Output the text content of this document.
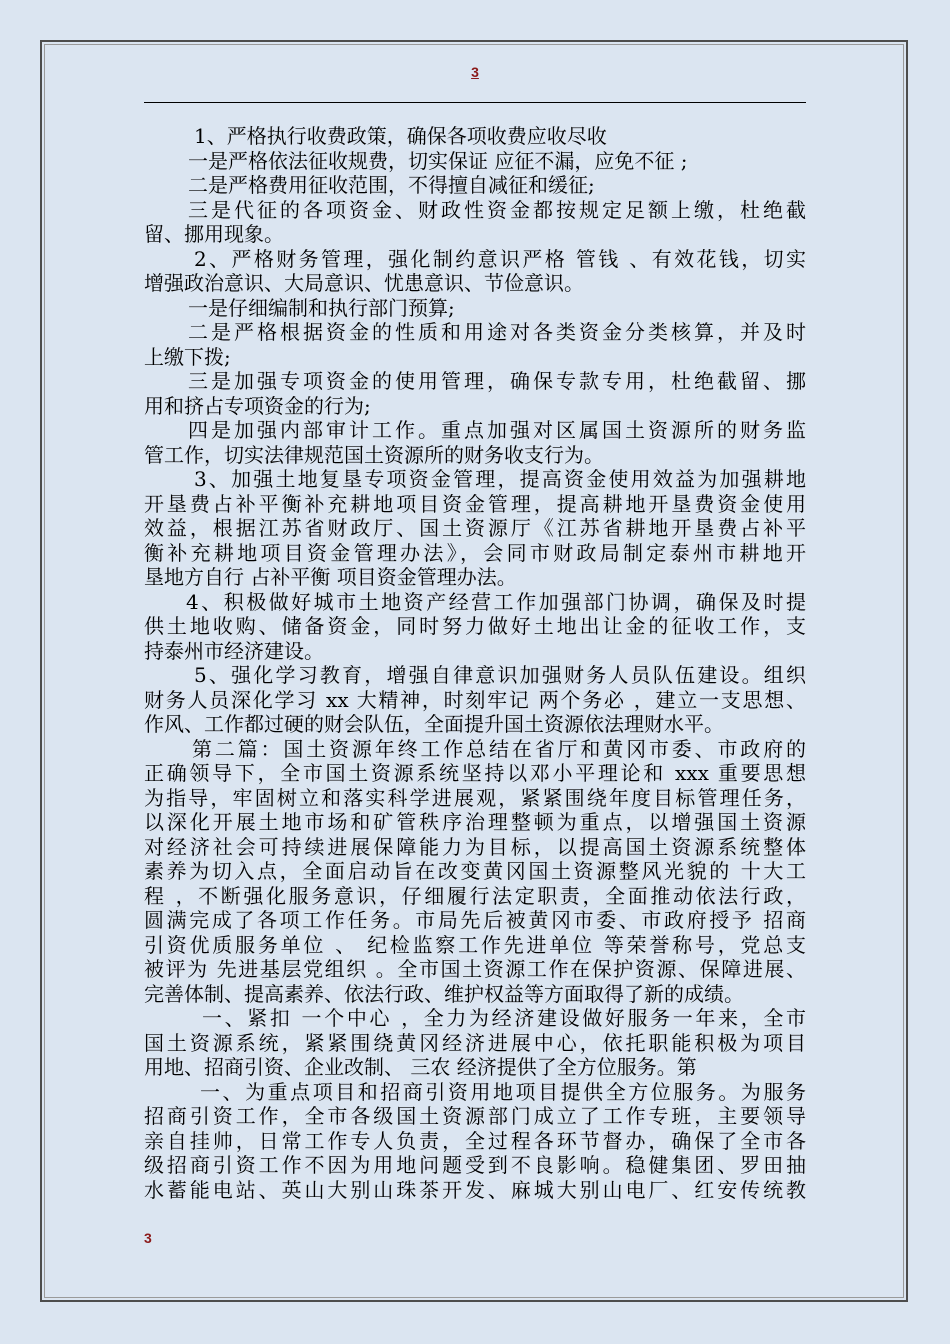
3
1、严格执行收费政策，确保各项收费应收尽收
一是严格依法征收规费，切实保证 应征不漏，应免不征 ;
二是严格费用征收范围，不得擅自减征和缓征;
三是代征的各项资金、财政性资金都按规定足额上缴，杜绝截
留、挪用现象。
2、严格财务管理，强化制约意识严格 管钱 、有效花钱，切实
增强政治意识、大局意识、忧患意识、节俭意识。
一是仔细编制和执行部门预算;
二是严格根据资金的性质和用途对各类资金分类核算，并及时
上缴下拨;
三是加强专项资金的使用管理，确保专款专用，杜绝截留、挪
用和挤占专项资金的行为;
四是加强内部审计工作。重点加强对区属国土资源所的财务监
管工作，切实法律规范国土资源所的财务收支行为。
3、加强土地复垦专项资金管理，提高资金使用效益为加强耕地
开垦费占补平衡补充耕地项目资金管理，提高耕地开垦费资金使用
效益，根据江苏省财政厅、国土资源厅《江苏省耕地开垦费占补平
衡补充耕地项目资金管理办法》，会同市财政局制定泰州市耕地开
垦地方自行 占补平衡 项目资金管理办法。
4、积极做好城市土地资产经营工作加强部门协调，确保及时提
供土地收购、储备资金，同时努力做好土地出让金的征收工作，支
持泰州市经济建设。
5、强化学习教育，增强自律意识加强财务人员队伍建设。组织
财务人员深化学习 xx 大精神，时刻牢记 两个务必 ，建立一支思想、
作风、工作都过硬的财会队伍，全面提升国土资源依法理财水平。
第二篇：国土资源年终工作总结在省厅和黄冈市委、市政府的
正确领导下，全市国土资源系统坚持以邓小平理论和 xxx 重要思想
为指导，牢固树立和落实科学进展观，紧紧围绕年度目标管理任务，
以深化开展土地市场和矿管秩序治理整顿为重点，以增强国土资源
对经济社会可持续进展保障能力为目标，以提高国土资源系统整体
素养为切入点，全面启动旨在改变黄冈国土资源整风光貌的 十大工
程 ，不断强化服务意识，仔细履行法定职责，全面推动依法行政，
圆满完成了各项工作任务。市局先后被黄冈市委、市政府授予 招商
引资优质服务单位 、 纪检监察工作先进单位 等荣誉称号，党总支
被评为 先进基层党组织 。全市国土资源工作在保护资源、保障进展、
完善体制、提高素养、依法行政、维护权益等方面取得了新的成绩。
一、紧扣 一个中心 ，全力为经济建设做好服务一年来，全市
国土资源系统，紧紧围绕黄冈经济进展中心，依托职能积极为项目
用地、招商引资、企业改制、 三农 经济提供了全方位服务。第
一、为重点项目和招商引资用地项目提供全方位服务。为服务
招商引资工作，全市各级国土资源部门成立了工作专班，主要领导
亲自挂帅，日常工作专人负责，全过程各环节督办，确保了全市各
级招商引资工作不因为用地问题受到不良影响。稳健集团、罗田抽
水蓄能电站、英山大别山珠茶开发、麻城大别山电厂、红安传统教
3
